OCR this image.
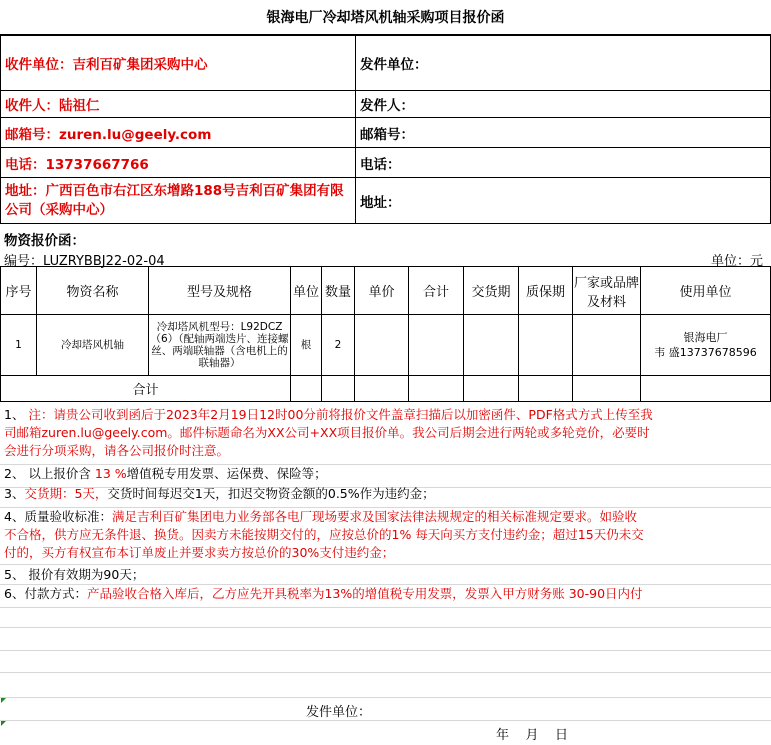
银海电厂冷却塔风机轴采购项目报价函
收件单位：吉利百矿集团采购中心	发件单位：
收件人：陆祖仁	发件人：
邮箱号：zuren.lu@geely.com	邮箱号：
电话：13737667766	电话：
地址：广西百色市右江区东增路188号吉利百矿集团有限公司（采购中心）	地址：
物资报价函：
编号：LUZRYBBJ22-02-04	单位：元
序号	物资名称	型号及规格	单位	数量	单价	合计	交货期	质保期	厂家或品牌及材料	使用单位
1	冷却塔风机轴	冷却塔风机型号：L92DCZ（6）（配轴两端迭片、连接螺丝、两端联轴器（含电机上的联轴器）	根	2						银海电厂
韦 盛13737678596

合计										
1、 注：请贵公司收到函后于2023年2月19日12时00分前将报价文件盖章扫描后以加密函件、PDF格式方式上传至我
司邮箱zuren.lu@geely.com。邮件标题命名为XX公司+XX项目报价单。我公司后期会进行两轮或多轮竞价，必要时
会进行分项采购，请各公司报价时注意。
2、 以上报价含 13 %增值税专用发票、运保费、保险等；
3、交货期：5天，交货时间每迟交1天，扣迟交物资金额的0.5%作为违约金；
4、质量验收标准：满足吉利百矿集团电力业务部各电厂现场要求及国家法律法规规定的相关标准规定要求。如验收
不合格，供方应无条件退、换货。因卖方未能按期交付的，应按总价的1% 每天向买方支付违约金；超过15天仍未交
付的，买方有权宣布本订单废止并要求卖方按总价的30%支付违约金；
5、 报价有效期为90天；
6、付款方式：产品验收合格入库后，乙方应先开具税率为13%的增值税专用发票，发票入甲方财务账 30-90日内付
发件单位：
年    月    日
